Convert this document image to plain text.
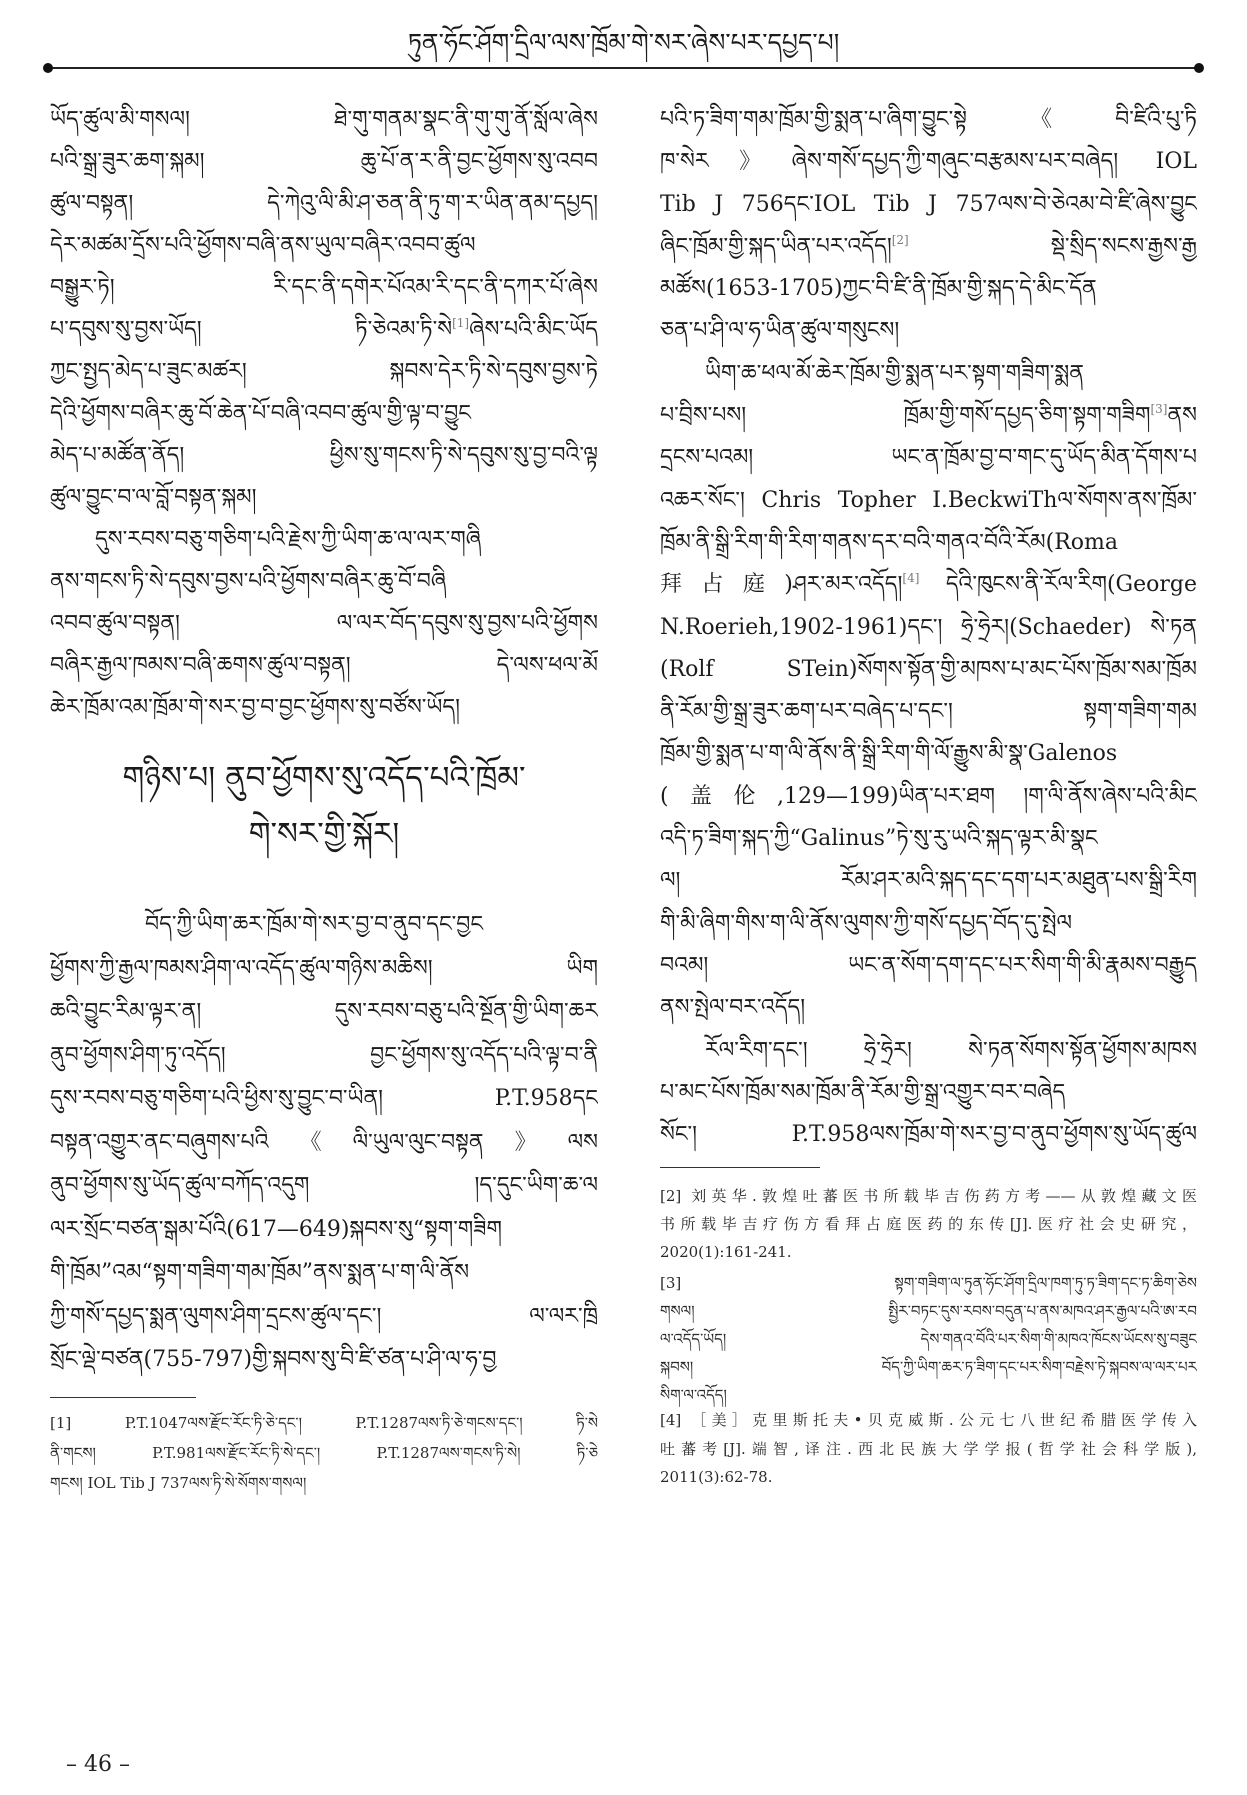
ཏུན་ཧོང་ཤོག་དྲིལ་ལས་ཁྲོམ་གེ་སར་ཞེས་པར་དཔྱད་པ།
ཡོད་ཚུལ་མི་གསལ། ཐེ་གུ་གནམ་སྣང་ནི་གུ་གུ་ནོ་སློལ་ཞེས
པའི་སྒྲ་ཟུར་ཆག་སྐམ། ཆུ་པོ་ན་ར་ནི་བྱང་ཕྱོགས་སུ་འབབ
ཚུལ་བསྟན། དེ་ཀེའུ་ལི་མི་ཤ་ཅན་ནི་ཏུ་ག་ར་ཡིན་ནམ་དཔྱད།
དེར་མཚམ་དྲོས་པའི་ཕྱོགས་བཞི་ནས་ཡུལ་བཞིར་འབབ་ཚུལ
བསྒྱུར་ཏེ། རི་དང་ནི་དགེར་པོའམ་རི་དང་ནི་དཀར་པོ་ཞེས
པ་དབུས་སུ་བྱས་ཡོད། ཏི་ཅེའམ་ཏི་སེ[1]ཞེས་པའི་མིང་ཡོད
ཀྱང་སྤྱད་མེད་པ་ཟུང་མཚར། སྐབས་དེར་ཏི་སེ་དབུས་བྱས་ཏེ
དེའི་ཕྱོགས་བཞིར་ཆུ་བོ་ཆེན་པོ་བཞི་འབབ་ཚུལ་གྱི་ལྟ་བ་བྱུང
མེད་པ་མཚོན་ནོད། ཕྱིས་སུ་གངས་ཏི་སེ་དབུས་སུ་བྱ་བའི་ལྟ
ཚུལ་བྱུང་བ་ལ་བློ་བསྟན་སྐམ།
དུས་རབས་བཅུ་གཅིག་པའི་རྗེས་ཀྱི་ཡིག་ཆ་ལ་ལར་གཞི
ནས་གངས་ཏི་སེ་དབུས་བྱས་པའི་ཕྱོགས་བཞིར་ཆུ་བོ་བཞི
འབབ་ཚུལ་བསྟན། ལ་ལར་བོད་དབུས་སུ་བྱས་པའི་ཕྱོགས
བཞིར་རྒྱལ་ཁམས་བཞི་ཆགས་ཚུལ་བསྟན། དེ་ལས་ཕལ་མོ
ཆེར་ཁྲོམ་འམ་ཁྲོམ་གེ་སར་བྱ་བ་བྱང་ཕྱོགས་སུ་བཙོས་ཡོད།
གཉིས་པ། ནུབ་ཕྱོགས་སུ་འདོད་པའི་ཁྲོམ་
གེ་སར་གྱི་སྐོར།
བོད་ཀྱི་ཡིག་ཆར་ཁྲོམ་གེ་སར་བྱ་བ་ནུབ་དང་བྱང
ཕྱོགས་ཀྱི་རྒྱལ་ཁམས་ཤིག་ལ་འདོད་ཚུལ་གཉིས་མཆིས། ཡིག
ཆའི་བྱུང་རིམ་ལྟར་ན། དུས་རབས་བཅུ་པའི་སྔོན་གྱི་ཡིག་ཆར
ནུབ་ཕྱོགས་ཤིག་ཏུ་འདོད། བྱང་ཕྱོགས་སུ་འདོད་པའི་ལྟ་བ་ནི
དུས་རབས་བཅུ་གཅིག་པའི་ཕྱིས་སུ་བྱུང་བ་ཡིན། P.T.958དང
བསྟན་འགྱུར་ནང་བཞུགས་པའི《ལི་ཡུལ་ལུང་བསྟན》ལས
ནུབ་ཕྱོགས་སུ་ཡོད་ཚུལ་བཀོད་འདུག །ད་དུང་ཡིག་ཆ་ལ
ལར་སྲོང་བཙན་སྒམ་པོའི(617—649)སྐབས་སུ“སྟག་གཟིག
གི་ཁྲོམ”འམ“སྟག་གཟིག་གམ་ཁྲོམ”ནས་སྨན་པ་ག་ལི་ནོས
ཀྱི་གསོ་དཔྱད་སྨན་ལུགས་ཤིག་དྲངས་ཚུལ་དང་། ལ་ལར་ཁྲི
སྲོང་ལྡེ་བཙན(755-797)གྱི་སྐབས་སུ་བི་ཛི་ཙན་པ་ཤི་ལ་ཧ་བྱ
[1] P.T.1047ལས་རྫོང་རོང་ཏི་ཅེ་དང་། P.T.1287ལས་ཏི་ཅེ་གངས་དང་། ཏི་སེ
ནི་གངས། P.T.981ལས་རྫོང་རོང་ཏི་སེ་དང་། P.T.1287ལས་གངས་ཏི་སེ། ཏི་ཅེ
གངས། IOL Tib J 737ལས་ཏི་སེ་སོགས་གསལ།
– 46 –
པའི་ཏ་ཟིག་གམ་ཁྲོམ་གྱི་སྨན་པ་ཞིག་བྱུང་སྟེ《བི་ཛིའི་པུ་ཏི
ཁ་སེར》ཞེས་གསོ་དཔྱད་ཀྱི་གཞུང་བརྩམས་པར་བཞེད། IOL
Tib J 756དང་IOL Tib J 757ལས་བེ་ཅེའམ་བེ་ཛི་ཞེས་བྱུང
ཞིང་ཁྲོམ་གྱི་སྐད་ཡིན་པར་འདོད།[2] སྡེ་སྲིད་སངས་རྒྱས་རྒྱ
མཚོས(1653-1705)ཀྱང་བི་ཛི་ནི་ཁྲོམ་གྱི་སྐད་དེ་མིང་དོན
ཅན་པ་ཤི་ལ་ཧ་ཡིན་ཚུལ་གསུངས།
ཡིག་ཆ་ཕལ་མོ་ཆེར་ཁྲོམ་གྱི་སྨན་པར་སྟག་གཟིག་སྨན
པ་བྲིས་པས། ཁྲོམ་གྱི་གསོ་དཔྱད་ཅིག་སྟག་གཟིག[3]ནས
དྲངས་པའམ། ཡང་ན་ཁྲོམ་བྱ་བ་གང་དུ་ཡོད་མིན་དོགས་པ
འཆར་སོང་། Chris Topher I.BeckwiThལ་སོགས་ནས་ཁྲོམ་
ཁྲོམ་ནི་སྒྲི་རིག་གི་རིག་གནས་དར་བའི་གནའ་བོའི་རོམ(Roma
拜占庭)ཤར་མར་འདོད།[4] དེའི་ཁུངས་ནི་རོལ་རིག(George
N.Roerieh,1902-1961)དང་། ཧྲེ་ཧྲེར།(Schaeder) སེ་ཏན
(Rolf STein)སོགས་སྟོན་གྱི་མཁས་པ་མང་པོས་ཁྲོམ་སམ་ཁྲོམ
ནི་རོམ་གྱི་སྒྲ་ཟུར་ཆག་པར་བཞེད་པ་དང་། སྟག་གཟིག་གམ
ཁྲོམ་གྱི་སྨན་པ་ག་ལི་ནོས་ནི་སྒྲི་རིག་གི་ལོ་རྒྱུས་མི་སྣ་Galenos
(盖伦,129—199)ཡིན་པར་ཐག །ག་ལི་ནོས་ཞེས་པའི་མིང
འདི་ཏ་ཟིག་སྐད་ཀྱི“Galinus”ཏེ་སུ་རུ་ཡའི་སྐད་ལྟར་མི་སྣང
ལ། རོམ་ཤར་མའི་སྐད་དང་དག་པར་མཐུན་པས་སྒྲི་རིག
གི་མི་ཞིག་གིས་ག་ལི་ནོས་ལུགས་ཀྱི་གསོ་དཔྱད་བོད་དུ་སྤེལ
བའམ། ཡང་ན་སོག་དག་དང་པར་སིག་གི་མི་རྣམས་བརྒྱུད
ནས་སྤེལ་བར་འདོད།
རོལ་རིག་དང་། ཧྲེ་ཧྲེར། སེ་ཏན་སོགས་སྟོན་ཕྱོགས་མཁས
པ་མང་པོས་ཁྲོམ་སམ་ཁྲོམ་ནི་རོམ་གྱི་སྒྲ་འགྱུར་བར་བཞེད
སོང་། P.T.958ལས་ཁྲོམ་གེ་སར་བྱ་བ་ནུབ་ཕྱོགས་སུ་ཡོད་ཚུལ
[2] 刘英华.敦煌吐蕃医书所载毕吉伤药方考——从敦煌藏文医
书所载毕吉疗伤方看拜占庭医药的东传[J].医疗社会史研究，
2020(1):161-241.
[3] སྟག་གཟིག་ལ་ཏུན་ཧོང་ཤོག་དྲིལ་ཁག་ཏུ་ཏ་ཟིག་དང་ཏ་ཆིག་ཅེས
གསལ། སྤྱིར་བཏང་དུས་རབས་བདུན་པ་ནས་མཁའ་ཤར་རྒྱལ་པའི་ཨ་རབ
ལ་འདོད་ཡོད། དེས་གནའ་བོའི་པར་སིག་གི་མཁའ་ཁོངས་ཡོངས་སུ་བཟུང
སྐབས། བོད་ཀྱི་ཡིག་ཆར་ཏ་ཟིག་དང་པར་སིག་བརྗེས་ཏེ་སྐབས་ལ་ལར་པར
སིག་ལ་འདོད།
[4] ［美］克里斯托夫•贝克威斯.公元七八世纪希腊医学传入
吐蕃考[J].端智,译注.西北民族大学学报(哲学社会科学版),
2011(3):62-78.
